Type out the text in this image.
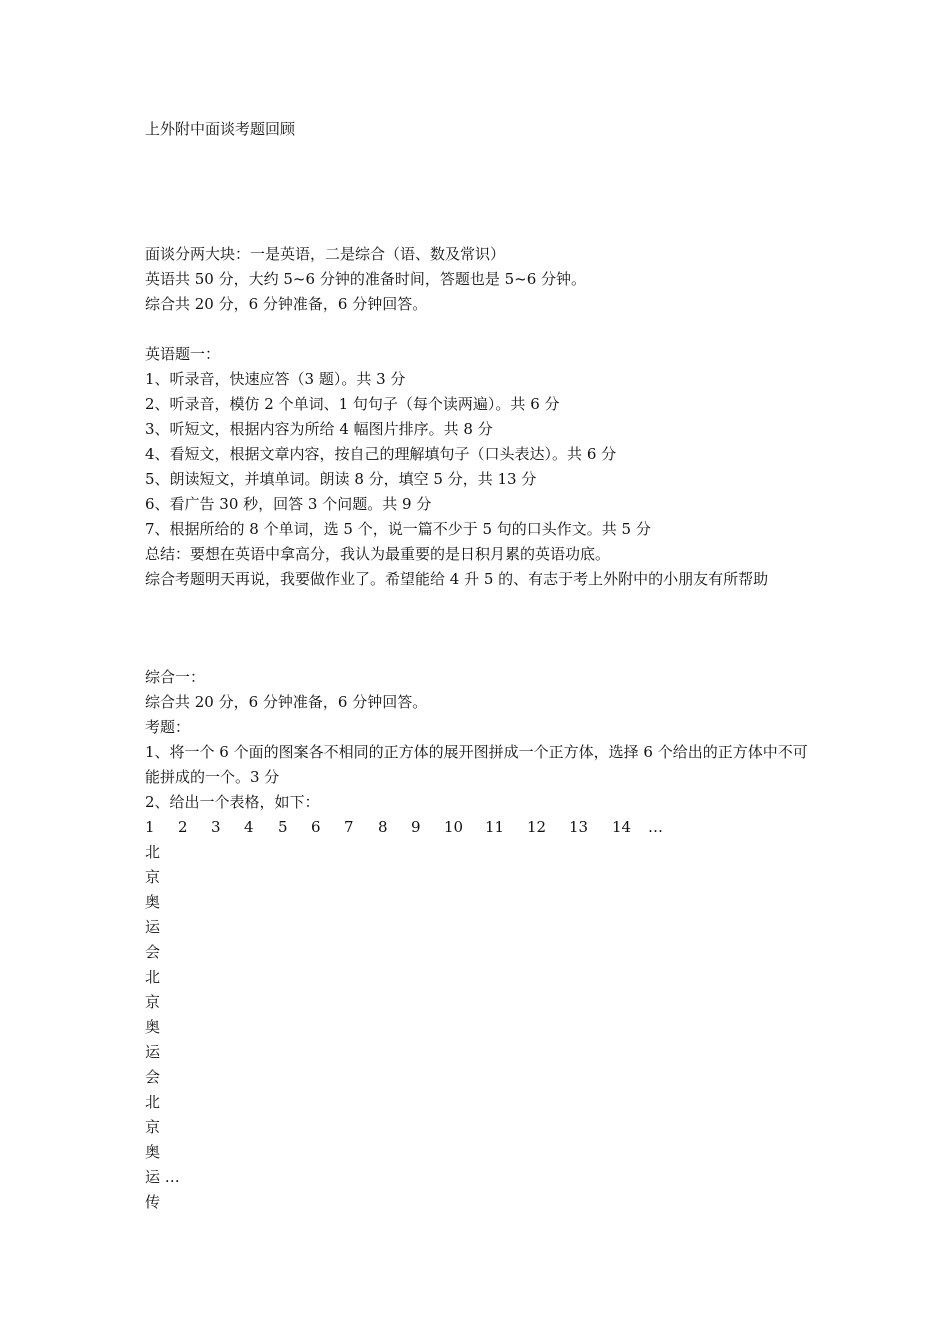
上外附中面谈考题回顾
面谈分两大块：一是英语，二是综合（语、数及常识）
英语共 50 分，大约 5~6 分钟的准备时间，答题也是 5~6 分钟。
综合共 20 分，6 分钟准备，6 分钟回答。
英语题一：
1、听录音，快速应答（3 题）。共 3 分
2、听录音，模仿 2 个单词、1 句句子（每个读两遍）。共 6 分
3、听短文，根据内容为所给 4 幅图片排序。共 8 分
4、看短文，根据文章内容，按自己的理解填句子（口头表达）。共 6 分
5、朗读短文，并填单词。朗读 8 分，填空 5 分，共 13 分
6、看广告 30 秒，回答 3 个问题。共 9 分
7、根据所给的 8 个单词，选 5 个，说一篇不少于 5 句的口头作文。共 5 分
总结：要想在英语中拿高分，我认为最重要的是日积月累的英语功底。
综合考题明天再说，我要做作业了。希望能给 4 升 5 的、有志于考上外附中的小朋友有所帮助
综合一：
综合共 20 分，6 分钟准备，6 分钟回答。
考题：
1、将一个 6 个面的图案各不相同的正方体的展开图拼成一个正方体，选择 6 个给出的正方体中不可能拼成的一个。3 分
2、给出一个表格，如下：
1 2 3 4 5 6 7 8 9 10 11 12 13 14 …
北
京
奥
运
会
北
京
奥
运
会
北
京
奥
运 …
传
